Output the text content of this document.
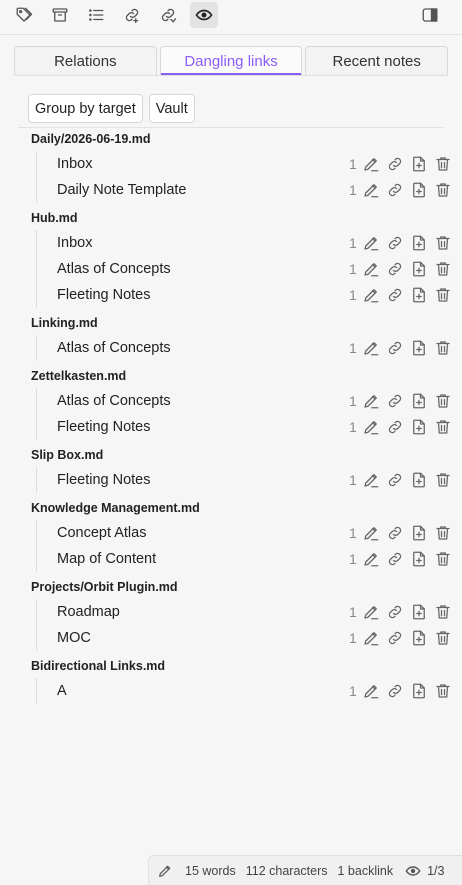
Relations	Dangling links	Recent notes
Group by target	Vault
Daily/2026-06-19.md
Inbox	1
Daily Note Template	1
Hub.md
Inbox	1
Atlas of Concepts	1
Fleeting Notes	1
Linking.md
Atlas of Concepts	1
Zettelkasten.md
Atlas of Concepts	1
Fleeting Notes	1
Slip Box.md
Fleeting Notes	1
Knowledge Management.md
Concept Atlas	1
Map of Content	1
Projects/Orbit Plugin.md
Roadmap	1
MOC	1
Bidirectional Links.md
A	1
15 words 112 characters 1 backlink	1/3
